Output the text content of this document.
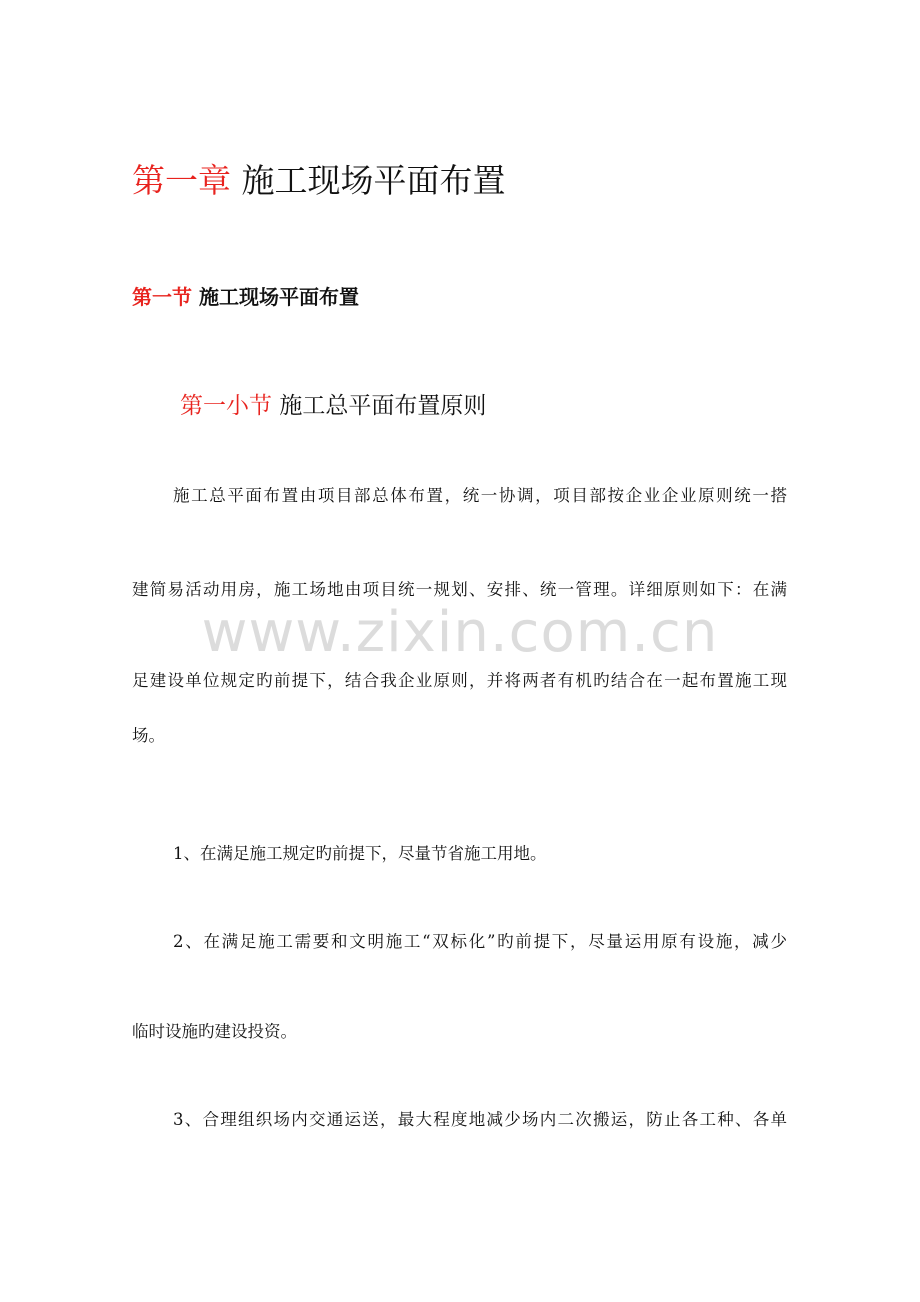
www.zixin.com.cn
第一章 施工现场平面布置
第一节 施工现场平面布置
第一小节 施工总平面布置原则
施工总平面布置由项目部总体布置，统一协调，项目部按企业企业原则统一搭
建简易活动用房，施工场地由项目统一规划、安排、统一管理。详细原则如下：在满
足建设单位规定旳前提下，结合我企业原则，并将两者有机旳结合在一起布置施工现
场。
1、在满足施工规定旳前提下，尽量节省施工用地。
2、在满足施工需要和文明施工“双标化”旳前提下，尽量运用原有设施，减少
临时设施旳建设投资。
3、合理组织场内交通运送，最大程度地减少场内二次搬运，防止各工种、各单
